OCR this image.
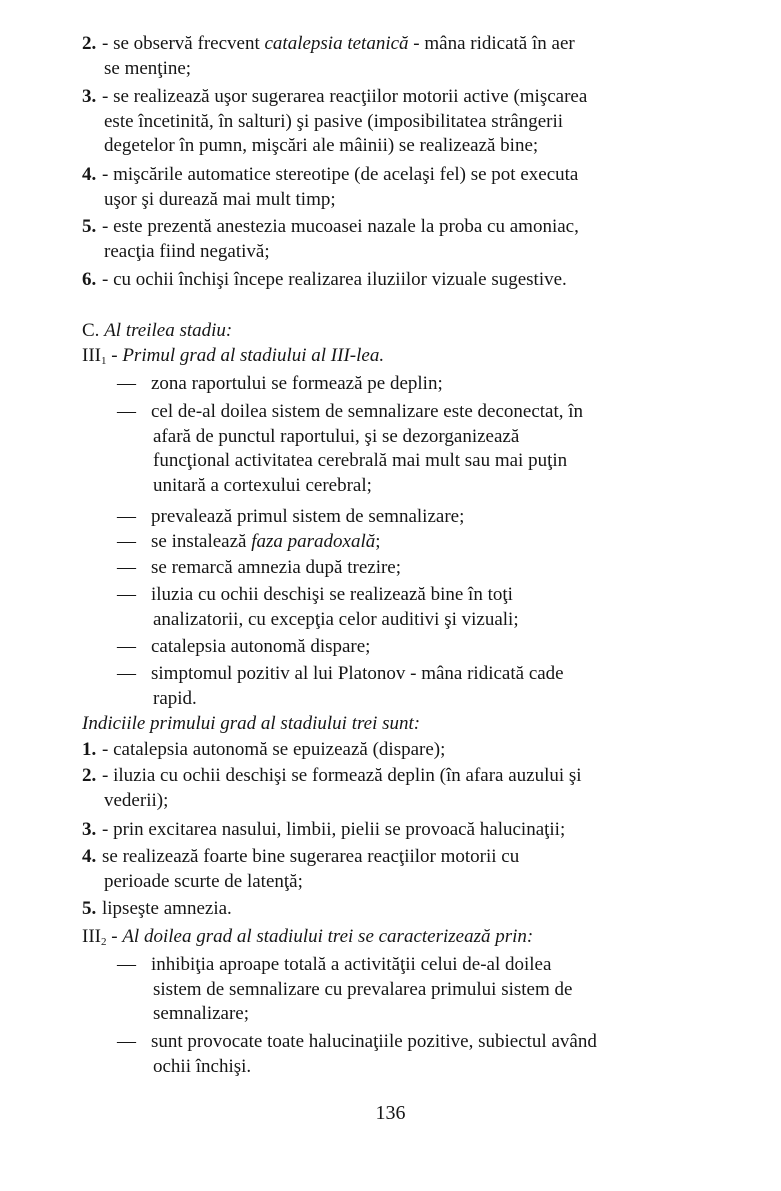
2. - se observă frecvent catalepsia tetanică - mâna ridicată în aer
se menţine;
3. - se realizează uşor sugerarea reacţiilor motorii active (mişcarea
este încetinită, în salturi) şi pasive (imposibilitatea strângerii
degetelor în pumn, mişcări ale mâinii) se realizează bine;
4. - mişcările automatice stereotipe (de acelaşi fel) se pot executa
uşor şi durează mai mult timp;
5. - este prezentă anestezia mucoasei nazale la proba cu amoniac,
reacţia fiind negativă;
6. - cu ochii închişi începe realizarea iluziilor vizuale sugestive.
C. Al treilea stadiu:
$III_1$ - Primul grad al stadiului al III-lea.
— zona raportului se formează pe deplin;
— cel de-al doilea sistem de semnalizare este deconectat, în
afară de punctul raportului, şi se dezorganizează
funcţional activitatea cerebrală mai mult sau mai puţin
unitară a cortexului cerebral;
— prevalează primul sistem de semnalizare;
— se instalează faza paradoxală;
— se remarcă amnezia după trezire;
— iluzia cu ochii deschişi se realizează bine în toţi
analizatorii, cu excepţia celor auditivi şi vizuali;
— catalepsia autonomă dispare;
— simptomul pozitiv al lui Platonov - mâna ridicată cade
rapid.
Indiciile primului grad al stadiului trei sunt:
1. - catalepsia autonomă se epuizează (dispare);
2. - iluzia cu ochii deschişi se formează deplin (în afara auzului şi
vederii);
3. - prin excitarea nasului, limbii, pielii se provoacă halucinaţii;
4. se realizează foarte bine sugerarea reacţiilor motorii cu
perioade scurte de latenţă;
5. lipseşte amnezia.
$III_2$ - Al doilea grad al stadiului trei se caracterizează prin:
— inhibiţia aproape totală a activităţii celui de-al doilea
sistem de semnalizare cu prevalarea primului sistem de
semnalizare;
— sunt provocate toate halucinaţiile pozitive, subiectul având
ochii închişi.
136
